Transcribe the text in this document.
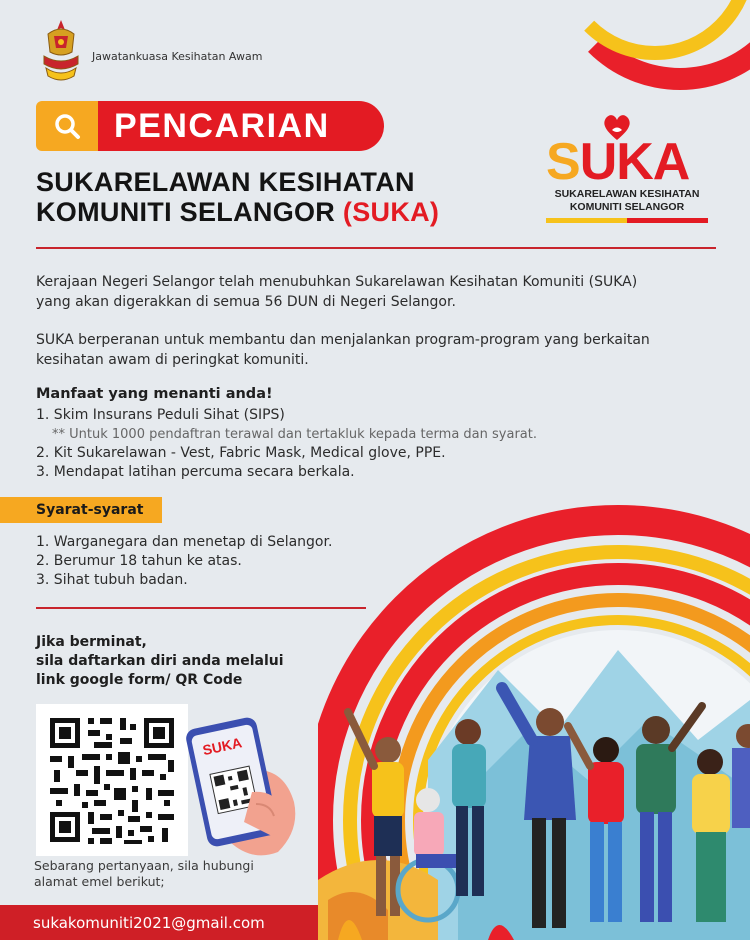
Jawatankuasa Kesihatan Awam
PENCARIAN
SUKARELAWAN KESIHATAN
KOMUNITI SELANGOR (SUKA)
SUKA
SUKARELAWAN KESIHATAN
KOMUNITI SELANGOR
Kerajaan Negeri Selangor telah menubuhkan Sukarelawan Kesihatan Komuniti (SUKA) yang akan digerakkan di semua 56 DUN di Negeri Selangor.
SUKA berperanan untuk membantu dan menjalankan program-program yang berkaitan kesihatan awam di peringkat komuniti.
Manfaat yang menanti anda!
1. Skim Insurans Peduli Sihat (SIPS)
** Untuk 1000 pendaftran terawal dan tertakluk kepada terma dan syarat.
2. Kit Sukarelawan - Vest, Fabric Mask, Medical glove, PPE.
3. Mendapat latihan percuma secara berkala.
Syarat-syarat
1. Warganegara dan menetap di Selangor.
2. Berumur 18 tahun ke atas.
3. Sihat tubuh badan.
Jika berminat,
sila daftarkan diri anda melalui
link google form/ QR Code
SUKA
Sebarang pertanyaan, sila hubungi
alamat emel berikut;
sukakomuniti2021@gmail.com
